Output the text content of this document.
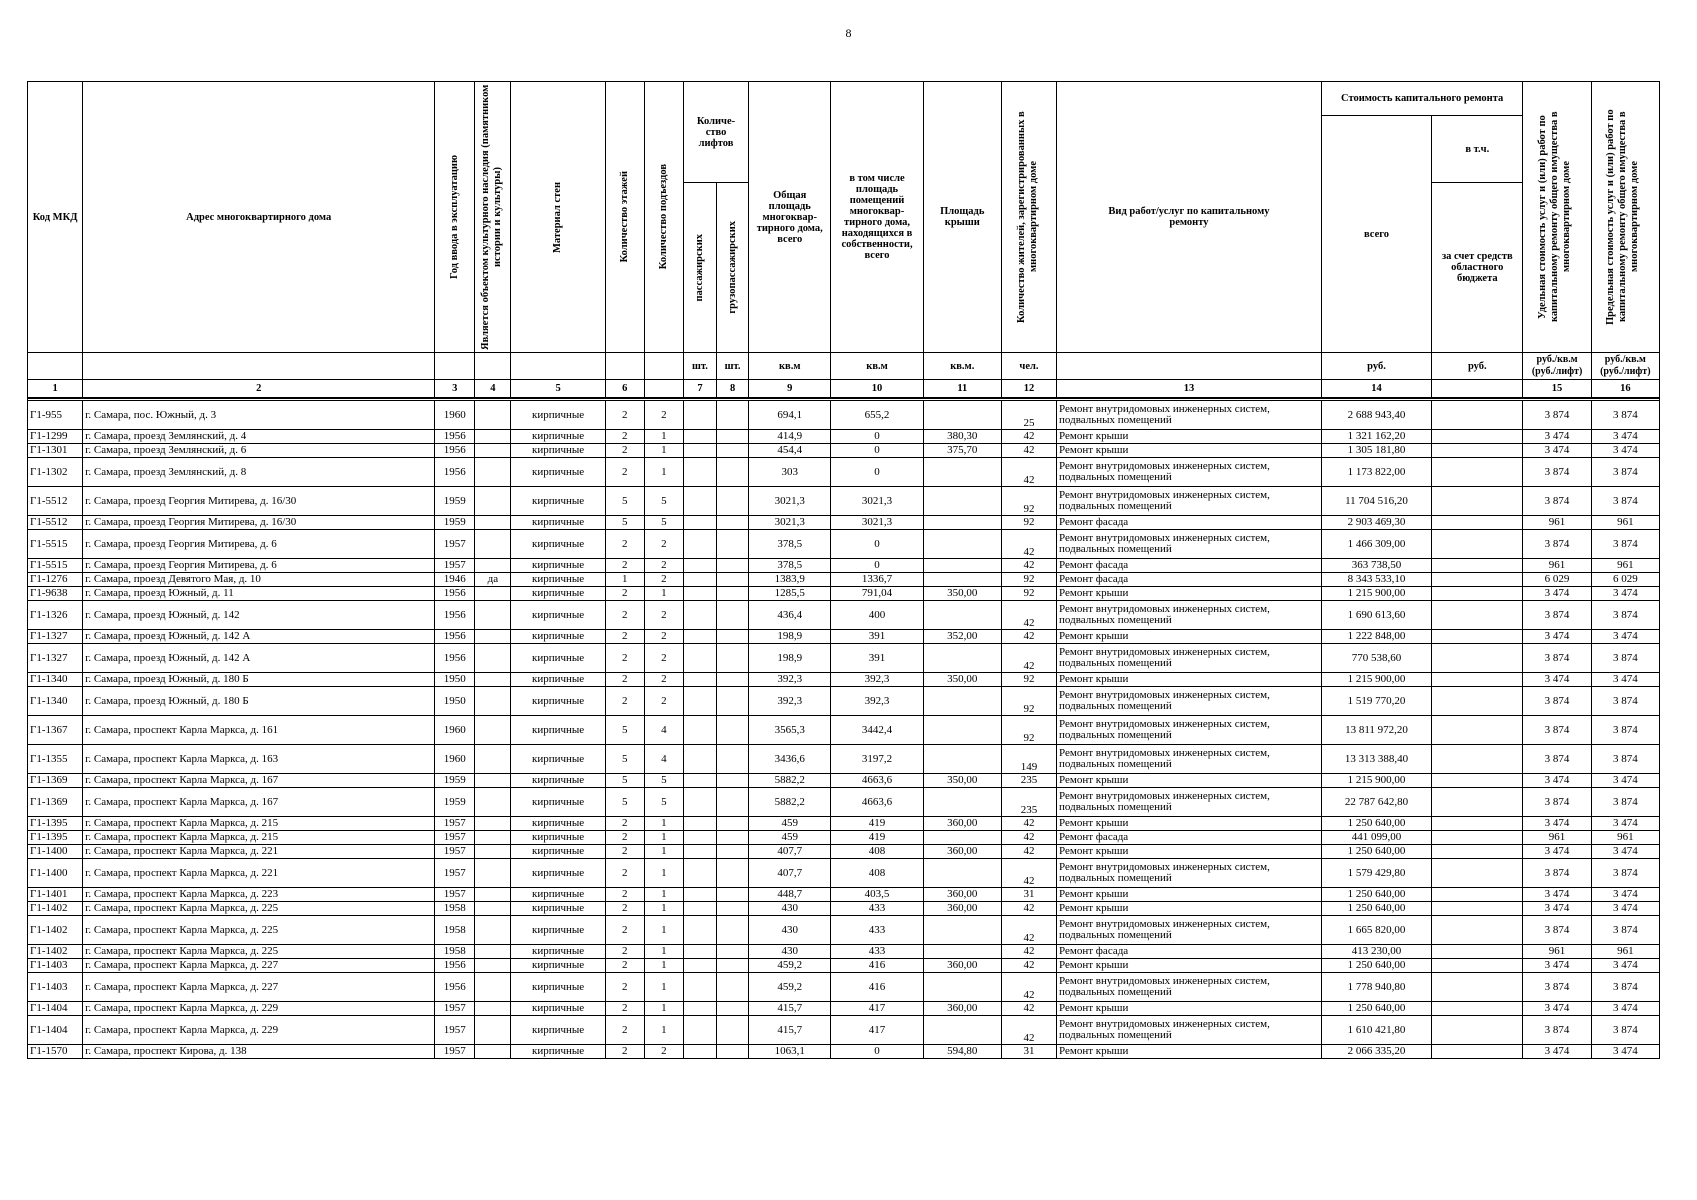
8
Код МКД	Адрес многоквартирного дома	Год ввода в эксплуатацию	Является объектом культурного наследия (памятником истории и культуры)	Материал стен	Количество этажей	Количество подъездов	Количе-ство лифтов		Общая площадь многоквар-тирного дома, всего	в том числе площадь помещений многоквар-тирного дома, находящихся в собственности, всего	Площадь крыши	Количество жителей, зарегистрированных в многоквартирном доме	Вид работ/услуг по капитальному ремонту	Стоимость капитального ремонта		Удельная стоимость услуг и (или) работ по капитальному ремонту общего имущества в многоквартирном доме	Предельная стоимость услуг и (или) работ по капитальному ремонту общего имущества в многоквартирном доме

														всего	в т.ч.		

							пассажирских	грузопассажирских							за счет средств областного бюджета		
							шт.	шт.	кв.м	кв.м	кв.м.	чел.		руб.	руб.	руб./кв.м (руб./лифт)	руб./кв.м (руб./лифт)
1	2	3	4	5	6		7	8	9	10	11	12	13	14		15	16

Г1-955	г. Самара, пос. Южный, д. 3	1960		кирпичные	2	2			694,1	655,2		25	Ремонт внутридомовых инженерных систем, подвальных помещений	2 688 943,40		3 874	3 874
Г1-1299	г. Самара, проезд Землянский, д. 4	1956		кирпичные	2	1			414,9	0	380,30	42	Ремонт крыши	1 321 162,20		3 474	3 474
Г1-1301	г. Самара, проезд Землянский, д. 6	1956		кирпичные	2	1			454,4	0	375,70	42	Ремонт крыши	1 305 181,80		3 474	3 474
Г1-1302	г. Самара, проезд Землянский, д. 8	1956		кирпичные	2	1			303	0		42	Ремонт внутридомовых инженерных систем, подвальных помещений	1 173 822,00		3 874	3 874
Г1-5512	г. Самара, проезд Георгия Митирева, д. 16/30	1959		кирпичные	5	5			3021,3	3021,3		92	Ремонт внутридомовых инженерных систем, подвальных помещений	11 704 516,20		3 874	3 874
Г1-5512	г. Самара, проезд Георгия Митирева, д. 16/30	1959		кирпичные	5	5			3021,3	3021,3		92	Ремонт фасада	2 903 469,30		961	961
Г1-5515	г. Самара, проезд Георгия Митирева, д. 6	1957		кирпичные	2	2			378,5	0		42	Ремонт внутридомовых инженерных систем, подвальных помещений	1 466 309,00		3 874	3 874
Г1-5515	г. Самара, проезд Георгия Митирева, д. 6	1957		кирпичные	2	2			378,5	0		42	Ремонт фасада	363 738,50		961	961
Г1-1276	г. Самара, проезд Девятого Мая, д. 10	1946	да	кирпичные	1	2			1383,9	1336,7		92	Ремонт фасада	8 343 533,10		6 029	6 029
Г1-9638	г. Самара, проезд Южный, д. 11	1956		кирпичные	2	1			1285,5	791,04	350,00	92	Ремонт крыши	1 215 900,00		3 474	3 474
Г1-1326	г. Самара, проезд Южный, д. 142	1956		кирпичные	2	2			436,4	400		42	Ремонт внутридомовых инженерных систем, подвальных помещений	1 690 613,60		3 874	3 874
Г1-1327	г. Самара, проезд Южный, д. 142 А	1956		кирпичные	2	2			198,9	391	352,00	42	Ремонт крыши	1 222 848,00		3 474	3 474
Г1-1327	г. Самара, проезд Южный, д. 142 А	1956		кирпичные	2	2			198,9	391		42	Ремонт внутридомовых инженерных систем, подвальных помещений	770 538,60		3 874	3 874
Г1-1340	г. Самара, проезд Южный, д. 180 Б	1950		кирпичные	2	2			392,3	392,3	350,00	92	Ремонт крыши	1 215 900,00		3 474	3 474
Г1-1340	г. Самара, проезд Южный, д. 180 Б	1950		кирпичные	2	2			392,3	392,3		92	Ремонт внутридомовых инженерных систем, подвальных помещений	1 519 770,20		3 874	3 874
Г1-1367	г. Самара, проспект Карла Маркса, д. 161	1960		кирпичные	5	4			3565,3	3442,4		92	Ремонт внутридомовых инженерных систем, подвальных помещений	13 811 972,20		3 874	3 874
Г1-1355	г. Самара, проспект Карла Маркса, д. 163	1960		кирпичные	5	4			3436,6	3197,2		149	Ремонт внутридомовых инженерных систем, подвальных помещений	13 313 388,40		3 874	3 874
Г1-1369	г. Самара, проспект Карла Маркса, д. 167	1959		кирпичные	5	5			5882,2	4663,6	350,00	235	Ремонт крыши	1 215 900,00		3 474	3 474
Г1-1369	г. Самара, проспект Карла Маркса, д. 167	1959		кирпичные	5	5			5882,2	4663,6		235	Ремонт внутридомовых инженерных систем, подвальных помещений	22 787 642,80		3 874	3 874
Г1-1395	г. Самара, проспект Карла Маркса, д. 215	1957		кирпичные	2	1			459	419	360,00	42	Ремонт крыши	1 250 640,00		3 474	3 474
Г1-1395	г. Самара, проспект Карла Маркса, д. 215	1957		кирпичные	2	1			459	419		42	Ремонт фасада	441 099,00		961	961
Г1-1400	г. Самара, проспект Карла Маркса, д. 221	1957		кирпичные	2	1			407,7	408	360,00	42	Ремонт крыши	1 250 640,00		3 474	3 474
Г1-1400	г. Самара, проспект Карла Маркса, д. 221	1957		кирпичные	2	1			407,7	408		42	Ремонт внутридомовых инженерных систем, подвальных помещений	1 579 429,80		3 874	3 874
Г1-1401	г. Самара, проспект Карла Маркса, д. 223	1957		кирпичные	2	1			448,7	403,5	360,00	31	Ремонт крыши	1 250 640,00		3 474	3 474
Г1-1402	г. Самара, проспект Карла Маркса, д. 225	1958		кирпичные	2	1			430	433	360,00	42	Ремонт крыши	1 250 640,00		3 474	3 474
Г1-1402	г. Самара, проспект Карла Маркса, д. 225	1958		кирпичные	2	1			430	433		42	Ремонт внутридомовых инженерных систем, подвальных помещений	1 665 820,00		3 874	3 874
Г1-1402	г. Самара, проспект Карла Маркса, д. 225	1958		кирпичные	2	1			430	433		42	Ремонт фасада	413 230,00		961	961
Г1-1403	г. Самара, проспект Карла Маркса, д. 227	1956		кирпичные	2	1			459,2	416	360,00	42	Ремонт крыши	1 250 640,00		3 474	3 474
Г1-1403	г. Самара, проспект Карла Маркса, д. 227	1956		кирпичные	2	1			459,2	416		42	Ремонт внутридомовых инженерных систем, подвальных помещений	1 778 940,80		3 874	3 874
Г1-1404	г. Самара, проспект Карла Маркса, д. 229	1957		кирпичные	2	1			415,7	417	360,00	42	Ремонт крыши	1 250 640,00		3 474	3 474
Г1-1404	г. Самара, проспект Карла Маркса, д. 229	1957		кирпичные	2	1			415,7	417		42	Ремонт внутридомовых инженерных систем, подвальных помещений	1 610 421,80		3 874	3 874
Г1-1570	г. Самара, проспект Кирова, д. 138	1957		кирпичные	2	2			1063,1	0	594,80	31	Ремонт крыши	2 066 335,20		3 474	3 474
